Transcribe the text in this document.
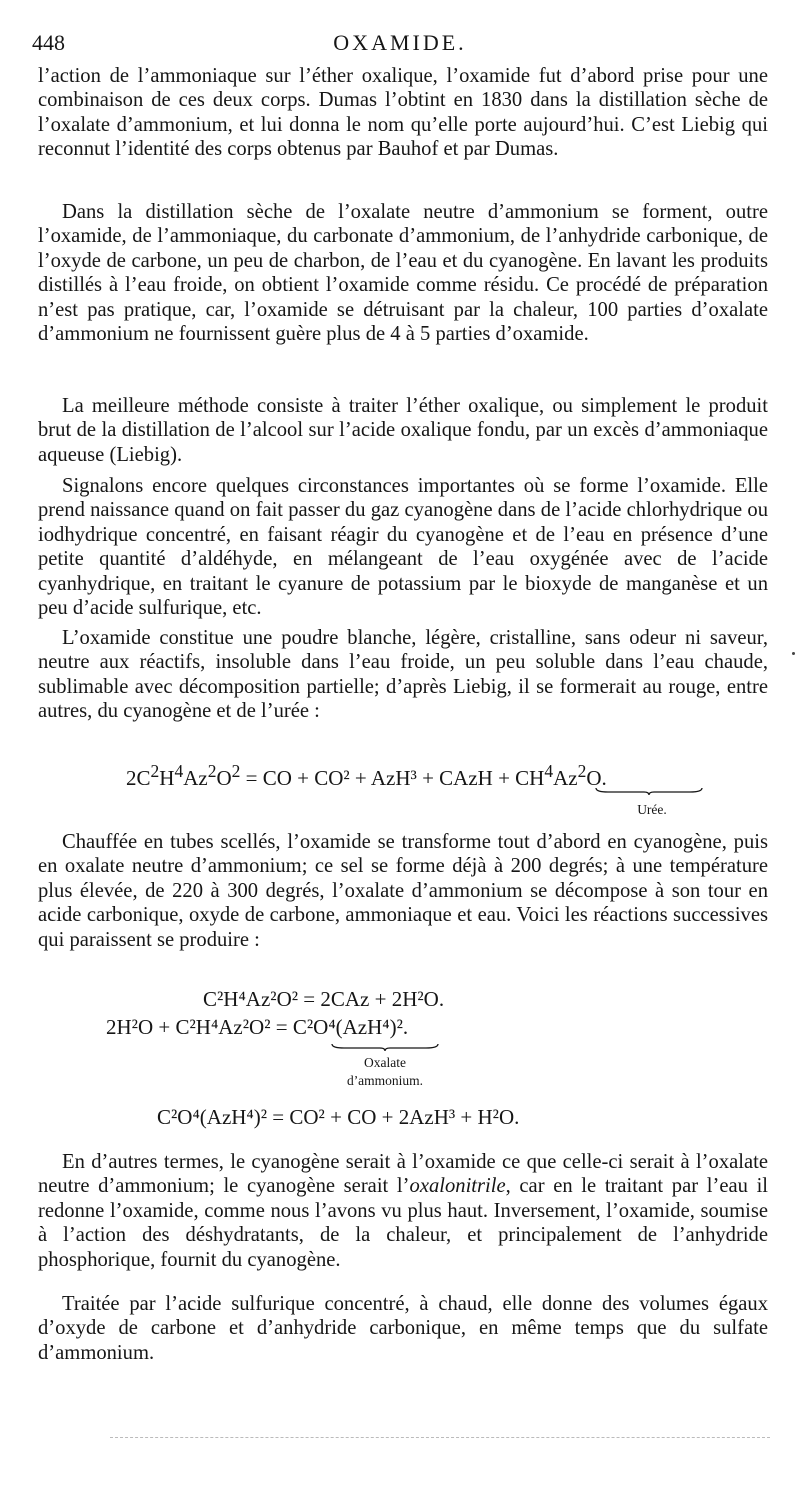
448	OXAMIDE.

l’action de l’ammoniaque sur l’éther oxalique, l’oxamide fut d’abord prise pour une combinaison de ces deux corps. Dumas l’obtint en 1830 dans la distillation sèche de l’oxalate d’ammonium, et lui donna le nom qu’elle porte aujourd’hui. C’est Liebig qui reconnut l’identité des corps obtenus par Bauhof et par Dumas.

Dans la distillation sèche de l’oxalate neutre d’ammonium se forment, outre l’oxamide, de l’ammoniaque, du carbonate d’ammonium, de l’anhydride carbonique, de l’oxyde de carbone, un peu de charbon, de l’eau et du cyanogène. En lavant les produits distillés à l’eau froide, on obtient l’oxamide comme résidu. Ce procédé de préparation n’est pas pratique, car, l’oxamide se détruisant par la chaleur, 100 parties d’oxalate d’ammonium ne fournissent guère plus de 4 à 5 parties d’oxamide.

La meilleure méthode consiste à traiter l’éther oxalique, ou simplement le produit brut de la distillation de l’alcool sur l’acide oxalique fondu, par un excès d’ammoniaque aqueuse (Liebig).

Signalons encore quelques circonstances importantes où se forme l’oxamide. Elle prend naissance quand on fait passer du gaz cyanogène dans de l’acide chlorhydrique ou iodhydrique concentré, en faisant réagir du cyanogène et de l’eau en présence d’une petite quantité d’aldéhyde, en mélangeant de l’eau oxygénée avec de l’acide cyanhydrique, en traitant le cyanure de potassium par le bioxyde de manganèse et un peu d’acide sulfurique, etc.

L’oxamide constitue une poudre blanche, légère, cristalline, sans odeur ni saveur, neutre aux réactifs, insoluble dans l’eau froide, un peu soluble dans l’eau chaude, sublimable avec décomposition partielle; d’après Liebig, il se formerait au rouge, entre autres, du cyanogène et de l’urée :

$2C^2H^4Az^2O^2$ = CO + CO² + AzH³ + CAzH + $CH^4Az^2O$.
Urée.

Chauffée en tubes scellés, l’oxamide se transforme tout d’abord en cyanogène, puis en oxalate neutre d’ammonium; ce sel se forme déjà à 200 degrés; à une température plus élevée, de 220 à 300 degrés, l’oxalate d’ammonium se décompose à son tour en acide carbonique, oxyde de carbone, ammoniaque et eau. Voici les réactions successives qui paraissent se produire :

C²H⁴Az²O² = 2CAz + 2H²O.
2H²O + C²H⁴Az²O² = C²O⁴(AzH⁴)².
Oxalate
d’ammonium.
C²O⁴(AzH⁴)² = CO² + CO + 2AzH³ + H²O.

En d’autres termes, le cyanogène serait à l’oxamide ce que celle-ci serait à l’oxalate neutre d’ammonium; le cyanogène serait l’oxalonitrile, car en le traitant par l’eau il redonne l’oxamide, comme nous l’avons vu plus haut. Inversement, l’oxamide, soumise à l’action des déshydratants, de la chaleur, et principalement de l’anhydride phosphorique, fournit du cyanogène.

Traitée par l’acide sulfurique concentré, à chaud, elle donne des volumes égaux d’oxyde de carbone et d’anhydride carbonique, en même temps que du sulfate d’ammonium.
